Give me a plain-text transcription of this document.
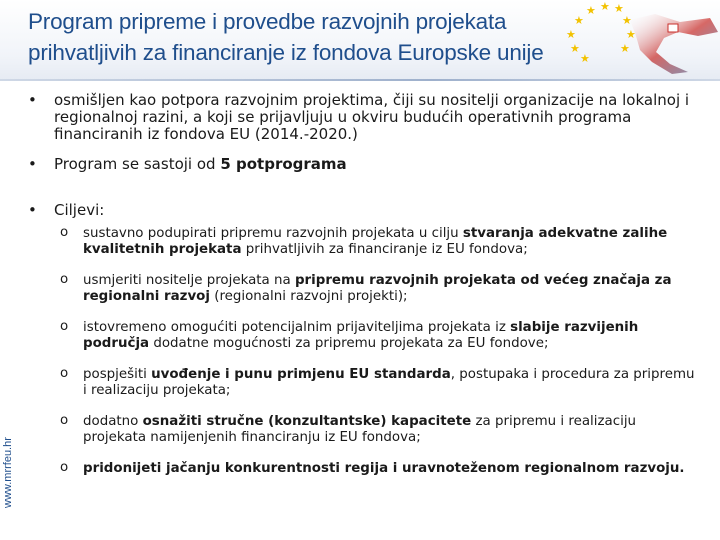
Program pripreme i provedbe razvojnih projekata
prihvatljivih za financiranje iz fondova Europske unije
★
★ ★ ★
★
★
★
★
★
★

• osmišljen kao potpora razvojnim projektima, čiji su nositelji organizacije na lokalnoj i regionalnoj razini, a koji se prijavljuju u okviru budućih operativnih programa financiranih iz fondova EU (2014.-2020.)

• Program se sastoji od 5 potprograma

• Ciljevi:

o sustavno podupirati pripremu razvojnih projekata u cilju stvaranja adekvatne zalihe kvalitetnih projekata prihvatljivih za financiranje iz EU fondova;

o usmjeriti nositelje projekata na pripremu razvojnih projekata od većeg značaja za regionalni razvoj (regionalni razvojni projekti);

o istovremeno omogućiti potencijalnim prijaviteljima projekata iz slabije razvijenih područja dodatne mogućnosti za pripremu projekata za EU fondove;

o pospješiti uvođenje i punu primjenu EU standarda, postupaka i procedura za pripremu i realizaciju projekata;

o dodatno osnažiti stručne (konzultantske) kapacitete za pripremu i realizaciju projekata namijenjenih financiranju iz EU fondova;

o pridonijeti jačanju konkurentnosti regija i uravnoteženom regionalnom razvoju.

www.mrrfeu.hr
